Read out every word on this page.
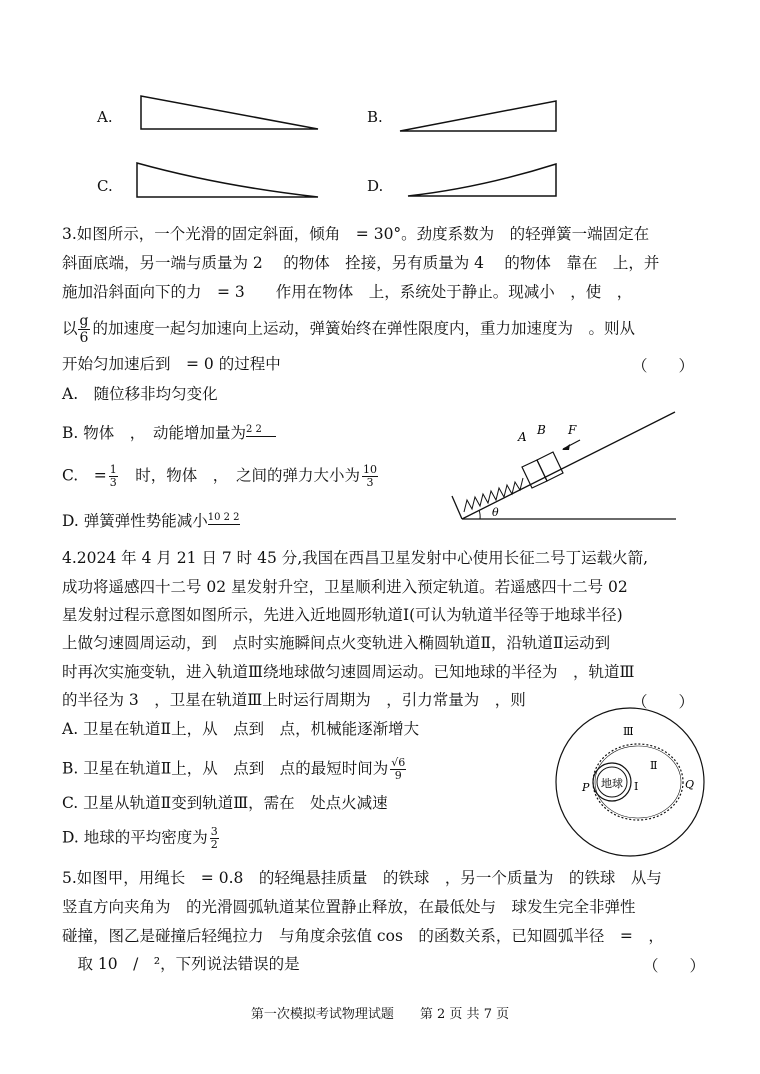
A.	B.
C.	D.
3.如图所示，一个光滑的固定斜面，倾角　= 30°。劲度系数为　的轻弹簧一端固定在
斜面底端，另一端与质量为 2　 的物体　拴接，另有质量为 4　 的物体　靠在　上，并
施加沿斜面向下的力　= 3　　作用在物体　上，系统处于静止。现减小　，使　，
以 $\frac{g}{6}$ 的加速度一起匀加速向上运动，弹簧始终在弹性限度内，重力加速度为　。则从
开始匀加速后到　= 0 的过程中	（　　）
A.　随位移非均匀变化
B. 物体　，　动能增加量为2 2
C.　= $\frac{1}{3}$ 　时，物体　，　之间的弹力大小为 $\frac{10}{3}$
D. 弹簧弹性势能减小10 2 2
A B F
θ
4.2024 年 4 月 21 日 7 时 45 分,我国在西昌卫星发射中心使用长征二号丁运载火箭,
成功将遥感四十二号 02 星发射升空，卫星顺利进入预定轨道。若遥感四十二号 02
星发射过程示意图如图所示，先进入近地圆形轨道Ⅰ(可认为轨道半径等于地球半径)
上做匀速圆周运动，到　点时实施瞬间点火变轨进入椭圆轨道Ⅱ，沿轨道Ⅱ运动到
时再次实施变轨，进入轨道Ⅲ绕地球做匀速圆周运动。已知地球的半径为　，轨道Ⅲ
的半径为 3　，卫星在轨道Ⅲ上时运行周期为　，引力常量为　，则	（　　）
A. 卫星在轨道Ⅱ上，从　点到　点，机械能逐渐增大
B. 卫星在轨道Ⅱ上，从　点到　点的最短时间为 $\frac{√6}{9}$
C. 卫星从轨道Ⅱ变到轨道Ⅲ，需在　处点火减速
D. 地球的平均密度为 $\frac{3}{2}$
地球
P	Q
Ⅰ
Ⅱ
Ⅲ
5.如图甲，用绳长　= 0.8　的轻绳悬挂质量　的铁球　，另一个质量为　的铁球　从与
竖直方向夹角为　的光滑圆弧轨道某位置静止释放，在最低处与　球发生完全非弹性
碰撞，图乙是碰撞后轻绳拉力　与角度余弦值 cos　的函数关系，已知圆弧半径　=　，
　取 10　/　²，下列说法错误的是	（　　）
第一次模拟考试物理试题　　第 2 页 共 7 页
